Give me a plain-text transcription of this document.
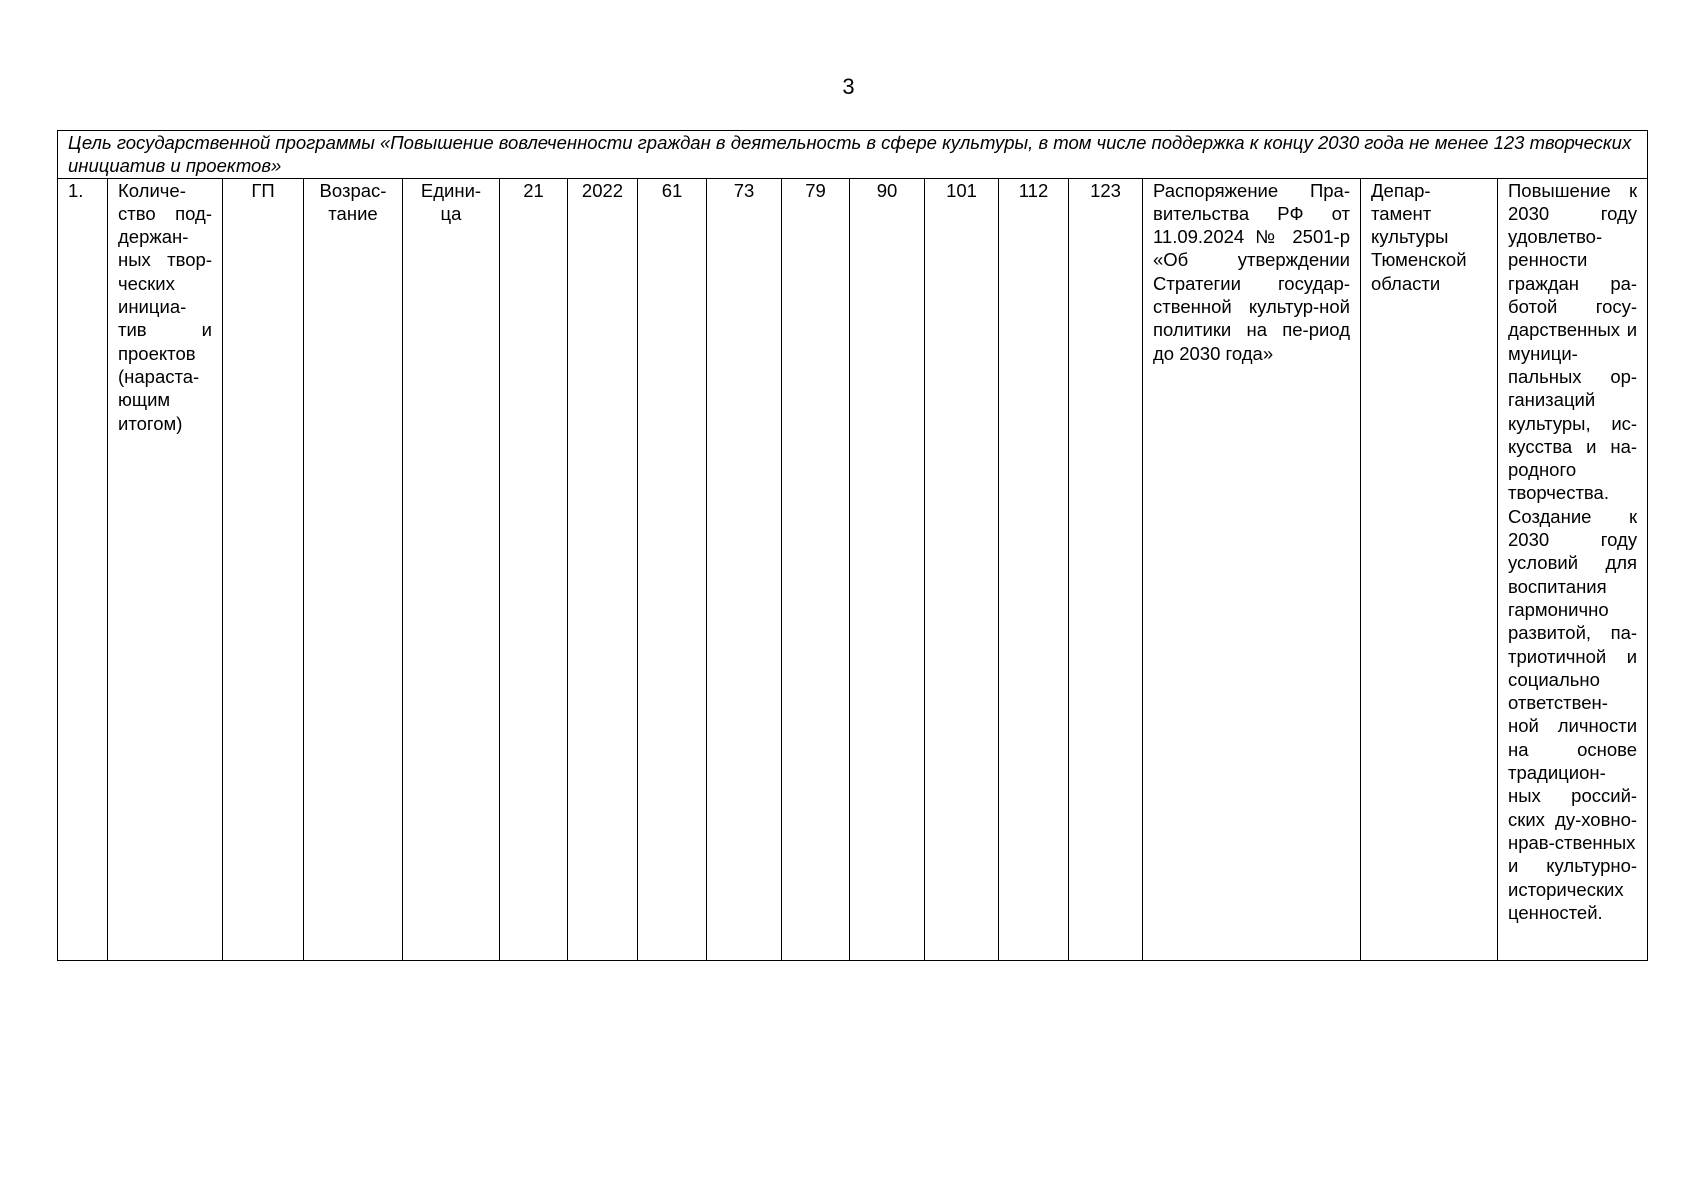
3
Цель государственной программы «Повышение вовлеченности граждан в деятельность в сфере культуры, в том числе поддержка к концу 2030 года не менее 123 творческих инициатив и проектов»
1.	Количе-ство под-держан-ных твор-ческих инициа-тив и проектов (нараста-ющим итогом)	ГП	Возрас-тание	Едини-ца	21	2022	61	73	79	90	101	112	123	Распоряжение Пра-вительства РФ от 11.09.2024 № 2501-р «Об утверждении Стратегии государ-ственной культур-ной политики на пе-риод до 2030 года»	Депар-тамент культуры Тюменской области	Повышение к 2030 году удовлетво-ренности граждан ра-ботой госу-дарственных и муници-пальных ор-ганизаций культуры, ис-кусства и на-родного творчества. Создание к 2030 году условий для воспитания гармонично развитой, па-триотичной и социально ответствен-ной личности на основе традицион-ных россий-ских ду-ховно-нрав-ственных и культурно-исторических ценностей.
